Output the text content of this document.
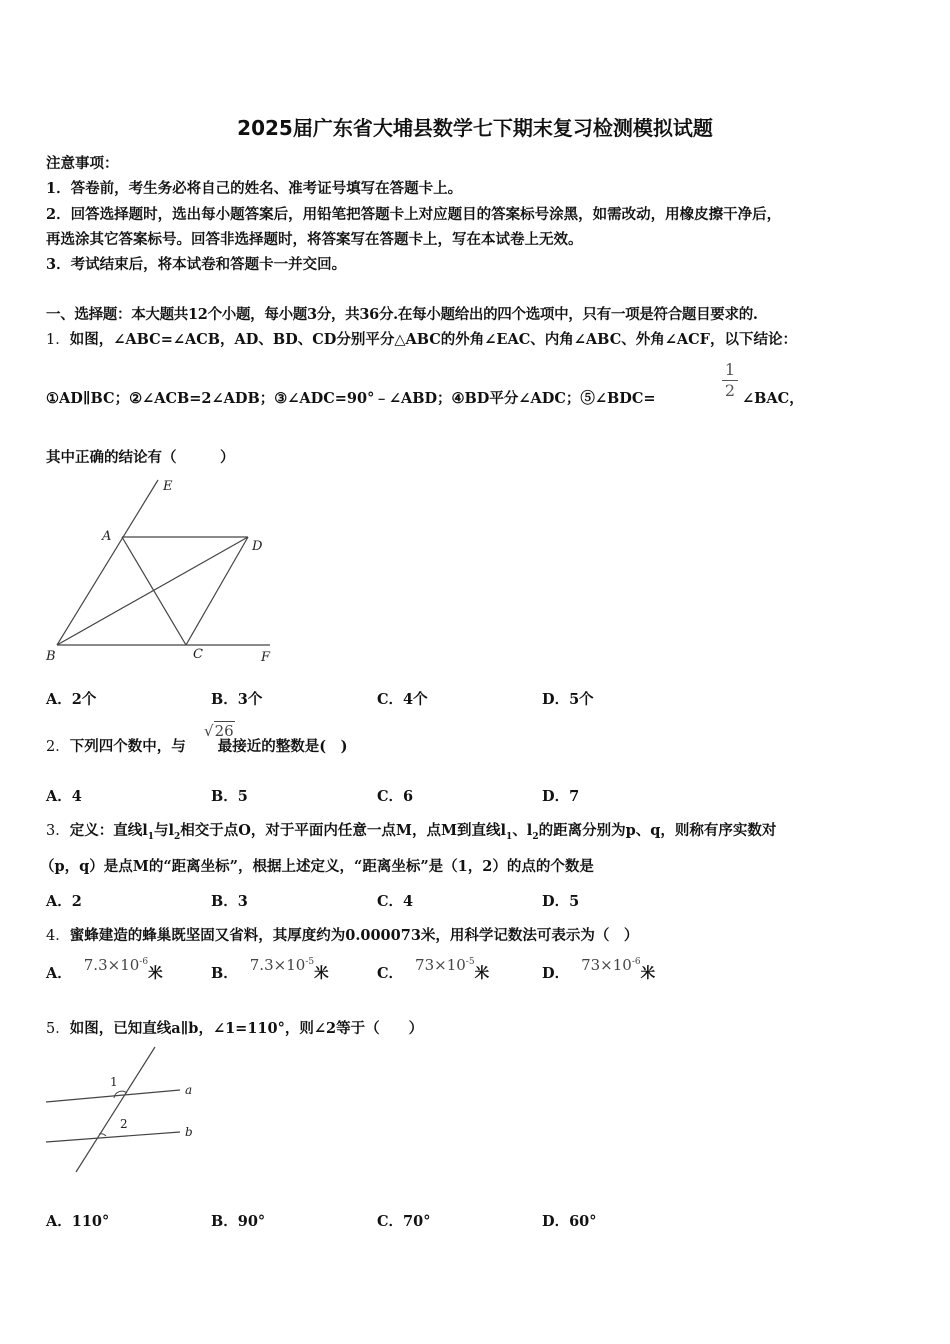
2025届广东省大埔县数学七下期末复习检测模拟试题
注意事项：
1．答卷前，考生务必将自己的姓名、准考证号填写在答题卡上。
2．回答选择题时，选出每小题答案后，用铅笔把答题卡上对应题目的答案标号涂黑，如需改动，用橡皮擦干净后，
再选涂其它答案标号。回答非选择题时，将答案写在答题卡上，写在本试卷上无效。
3．考试结束后，将本试卷和答题卡一并交回。
一、选择题：本大题共12个小题，每小题3分，共36分.在每小题给出的四个选项中，只有一项是符合题目要求的.
1．如图，∠ABC=∠ACB，AD、BD、CD分别平分△ABC的外角∠EAC、内角∠ABC、外角∠ACF，以下结论：
①AD∥BC；②∠ACB=2∠ADB；③∠ADC=90°﹣∠ABD；④BD平分∠ADC；⑤∠BDC=	$\frac{1}{2}$ ∠BAC，
其中正确的结论有（　　　）
E
A
D
B	C	F
A．2个	B．3个	C．4个	D．5个
2．下列四个数中，与 最接近的整数是(　)
√26
A．4	B．5	C．6	D．7
3．定义：直线$l_1$与$l_2$相交于点O，对于平面内任意一点M，点M到直线$l_1$、$l_2$的距离分别为p、q，则称有序实数对
（p，q）是点M的“距离坐标”，根据上述定义，“距离坐标”是（1，2）的点的个数是
A．2	B．3	C．4	D．5
4．蜜蜂建造的蜂巢既坚固又省料，其厚度约为0.000073米，用科学记数法可表示为（　）
A． $7.3\times 10^{-6}$米	B． $7.3\times 10^{-5}$米	C． $73\times 10^{-5}$米	D． $73\times 10^{-6}$米
5．如图，已知直线a∥b，∠1=110°，则∠2等于（　　）
1
2
a
b
A．110°	B．90°	C．70°	D．60°
